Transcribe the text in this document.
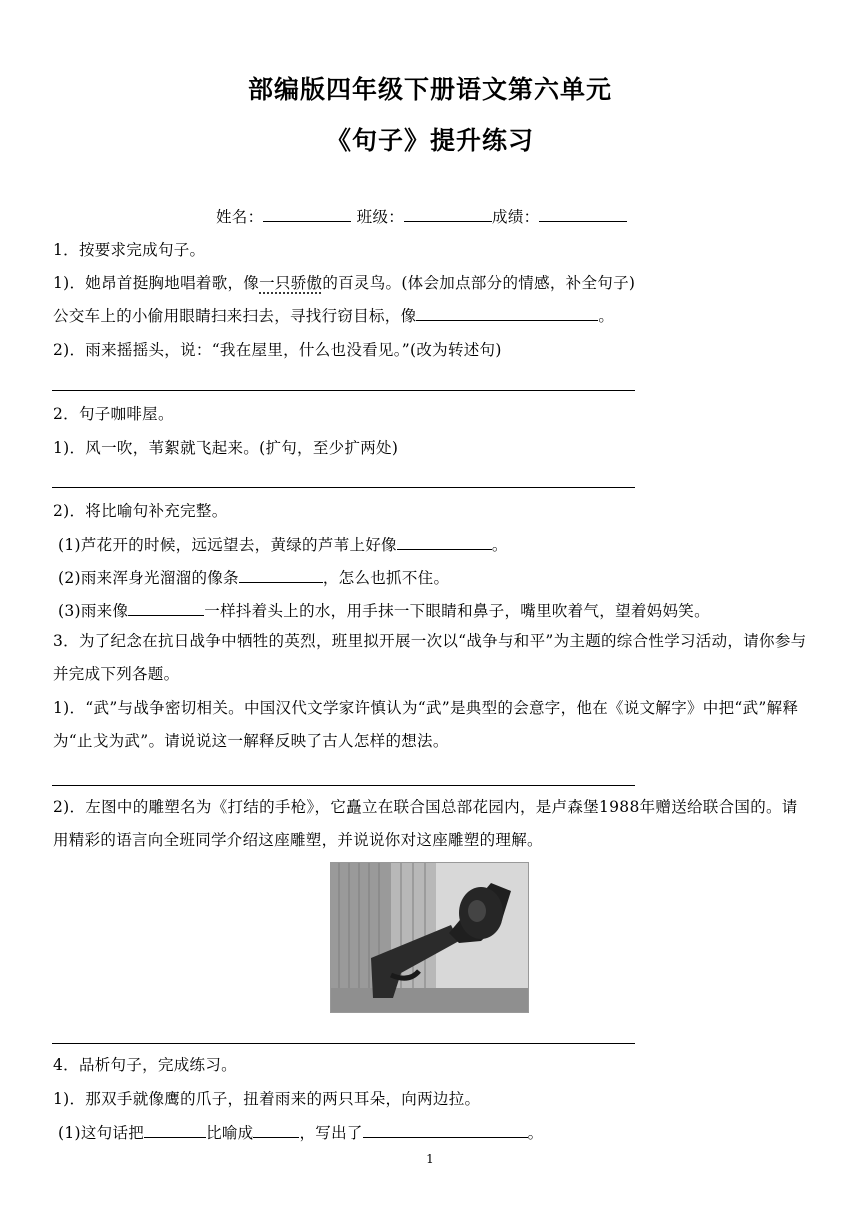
部编版四年级下册语文第六单元
《句子》提升练习
姓名：	班级：	成绩：
1．按要求完成句子。
1)．她昂首挺胸地唱着歌，像一只骄傲的百灵鸟。(体会加点部分的情感，补全句子)
公交车上的小偷用眼睛扫来扫去，寻找行窃目标，像	。
2)．雨来摇摇头，说：“我在屋里，什么也没看见。”(改为转述句)
2．句子咖啡屋。
1)．风一吹，苇絮就飞起来。(扩句，至少扩两处)
2)．将比喻句补充完整。
(1)芦花开的时候，远远望去，黄绿的芦苇上好像	。
(2)雨来浑身光溜溜的像条	，怎么也抓不住。
(3)雨来像	一样抖着头上的水，用手抹一下眼睛和鼻子，嘴里吹着气，望着妈妈笑。
3．为了纪念在抗日战争中牺牲的英烈，班里拟开展一次以“战争与和平”为主题的综合性学习活动，请你参与并完成下列各题。
1)．“武”与战争密切相关。中国汉代文学家许慎认为“武”是典型的会意字，他在《说文解字》中把“武”解释为“止戈为武”。请说说这一解释反映了古人怎样的想法。
2)．左图中的雕塑名为《打结的手枪》，它矗立在联合国总部花园内，是卢森堡1988年赠送给联合国的。请用精彩的语言向全班同学介绍这座雕塑，并说说你对这座雕塑的理解。
4．品析句子，完成练习。
1)．那双手就像鹰的爪子，扭着雨来的两只耳朵，向两边拉。
(1)这句话把	比喻成	，写出了	。
1
